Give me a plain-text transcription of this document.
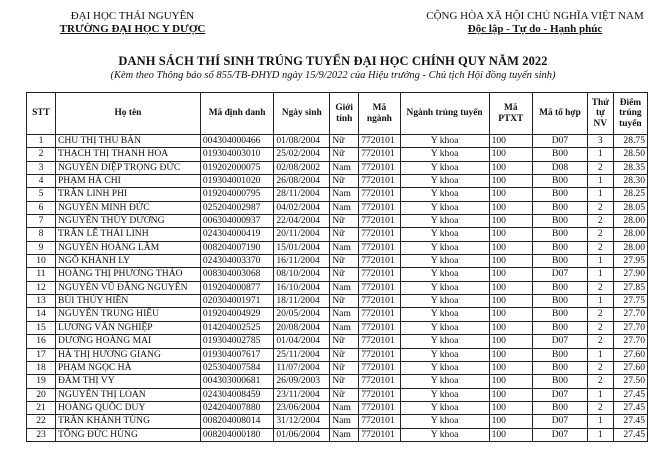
ĐẠI HỌC THÁI NGUYÊN
TRƯỜNG ĐẠI HỌC Y DƯỢC
CỘNG HÒA XÃ HỘI CHỦ NGHĨA VIỆT NAM
Độc lập - Tự do - Hạnh phúc
DANH SÁCH THÍ SINH TRÚNG TUYỂN ĐẠI HỌC CHÍNH QUY NĂM 2022
(Kèm theo Thông báo số 855/TB-ĐHYD ngày 15/9/2022 của Hiệu trưởng - Chủ tịch Hội đồng tuyển sinh)
STT	Họ tên	Mã định danh	Ngày sinh	Giới tính	Mã ngành	Ngành trúng tuyển	Mã PTXT	Mã tổ hợp	Thứ tự NV	Điểm trúng tuyển
1	CHU THỊ THU BẢN	004304000466	01/08/2004	Nữ	7720101	Y khoa	100	D07	3	28.75
2	THẠCH THỊ THANH HOA	019304003010	25/02/2004	Nữ	7720101	Y khoa	100	B00	1	28.50
3	NGUYỄN DIỆP TRỌNG ĐỨC	019202000075	02/08/2002	Nam	7720101	Y khoa	100	D08	2	28.35
4	PHẠM HÀ CHI	019304001020	26/08/2004	Nữ	7720101	Y khoa	100	B00	1	28.30
5	TRẦN LINH PHI	019204000795	28/11/2004	Nam	7720101	Y khoa	100	B00	1	28.25
6	NGUYỄN MINH ĐỨC	025204002987	04/02/2004	Nam	7720101	Y khoa	100	B00	2	28.05
7	NGUYỄN THÙY DƯƠNG	006304000937	22/04/2004	Nữ	7720101	Y khoa	100	B00	2	28.00
8	TRẦN LÊ THÁI LINH	024304000419	20/11/2004	Nữ	7720101	Y khoa	100	B00	2	28.00
9	NGUYỄN HOÀNG LÂM	008204007190	15/01/2004	Nam	7720101	Y khoa	100	B00	2	28.00
10	NGÔ KHÁNH LY	024304003370	16/11/2004	Nữ	7720101	Y khoa	100	B00	1	27.95
11	HOÀNG THỊ PHƯƠNG THẢO	008304003068	08/10/2004	Nữ	7720101	Y khoa	100	D07	1	27.90
12	NGUYỄN VŨ ĐĂNG NGUYÊN	019204000877	16/10/2004	Nam	7720101	Y khoa	100	B00	2	27.85
13	BÙI THÚY HIỀN	020304001971	18/11/2004	Nữ	7720101	Y khoa	100	B00	1	27.75
14	NGUYỄN TRUNG HIẾU	019204004929	20/05/2004	Nam	7720101	Y khoa	100	B00	2	27.70
15	LƯƠNG VĂN NGHIỆP	014204002525	20/08/2004	Nam	7720101	Y khoa	100	B00	2	27.70
16	DƯƠNG HOÀNG MAI	019304002785	01/04/2004	Nữ	7720101	Y khoa	100	D07	2	27.70
17	HÀ THỊ HƯƠNG GIANG	019304007617	25/11/2004	Nữ	7720101	Y khoa	100	B00	1	27.60
18	PHẠM NGỌC HÀ	025304007584	11/07/2004	Nữ	7720101	Y khoa	100	B00	2	27.60
19	ĐÀM THỊ VY	004303000681	26/09/2003	Nữ	7720101	Y khoa	100	B00	2	27.50
20	NGUYỄN THỊ LOAN	024304008459	23/11/2004	Nữ	7720101	Y khoa	100	D07	1	27.45
21	HOÀNG QUỐC DUY	024204007880	23/06/2004	Nam	7720101	Y khoa	100	B00	2	27.45
22	TRẦN KHÁNH TÙNG	008204008014	31/12/2004	Nam	7720101	Y khoa	100	D07	1	27.45
23	TÔNG ĐỨC HÙNG	008204000180	01/06/2004	Nam	7720101	Y khoa	100	D07	1	27.45
